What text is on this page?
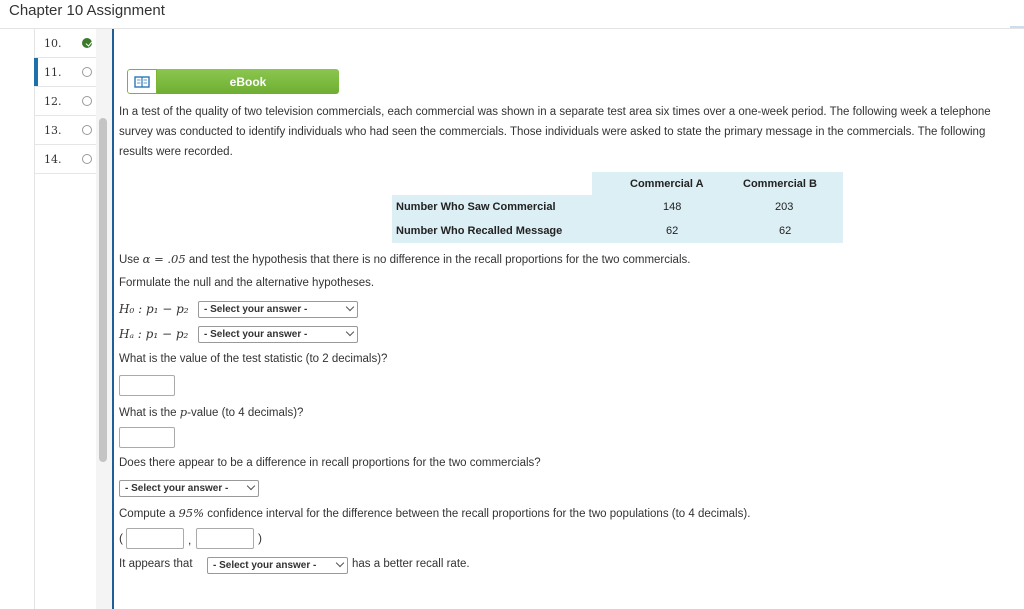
Chapter 10 Assignment
10.
11.
12.
13.
14.
eBook
In a test of the quality of two television commercials, each commercial was shown in a separate test area six times over a one-week period. The following week a telephone
survey was conducted to identify individuals who had seen the commercials. Those individuals were asked to state the primary message in the commercials. The following
results were recorded.
Commercial A	Commercial B
Number Who Saw Commercial	148	203
Number Who Recalled Message	62	62
Use α = .05 and test the hypothesis that there is no difference in the recall proportions for the two commercials.
Formulate the null and the alternative hypotheses.
H₀ : p₁ − p₂	- Select your answer -
Hₐ : p₁ − p₂	- Select your answer -
What is the value of the test statistic (to 2 decimals)?
What is the p-value (to 4 decimals)?
Does there appear to be a difference in recall proportions for the two commercials?
- Select your answer -
Compute a 95% confidence interval for the difference between the recall proportions for the two populations (to 4 decimals).
(	,	)
It appears that	- Select your answer -	has a better recall rate.
